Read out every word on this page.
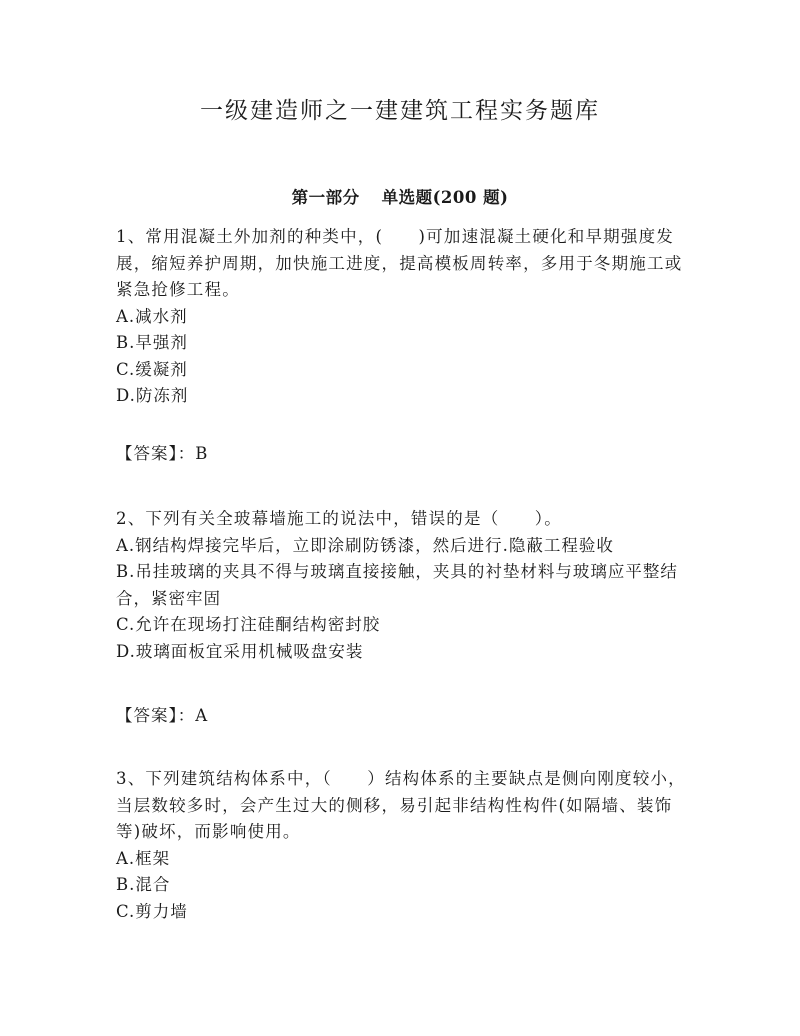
一级建造师之一建建筑工程实务题库
第一部分 单选题(200 题)

1、常用混凝土外加剂的种类中，(　　)可加速混凝土硬化和早期强度发展，缩短养护周期，加快施工进度，提高模板周转率，多用于冬期施工或紧急抢修工程。

A.减水剂

B.早强剂

C.缓凝剂

D.防冻剂

【答案】：B

2、下列有关全玻幕墙施工的说法中，错误的是（　　）。

A.钢结构焊接完毕后，立即涂刷防锈漆，然后进行.隐蔽工程验收

B.吊挂玻璃的夹具不得与玻璃直接接触，夹具的衬垫材料与玻璃应平整结合，紧密牢固

C.允许在现场打注硅酮结构密封胶

D.玻璃面板宜采用机械吸盘安装

【答案】：A

3、下列建筑结构体系中，（　　）结构体系的主要缺点是侧向刚度较小，当层数较多时，会产生过大的侧移，易引起非结构性构件(如隔墙、装饰等)破坏，而影响使用。

A.框架

B.混合

C.剪力墙
